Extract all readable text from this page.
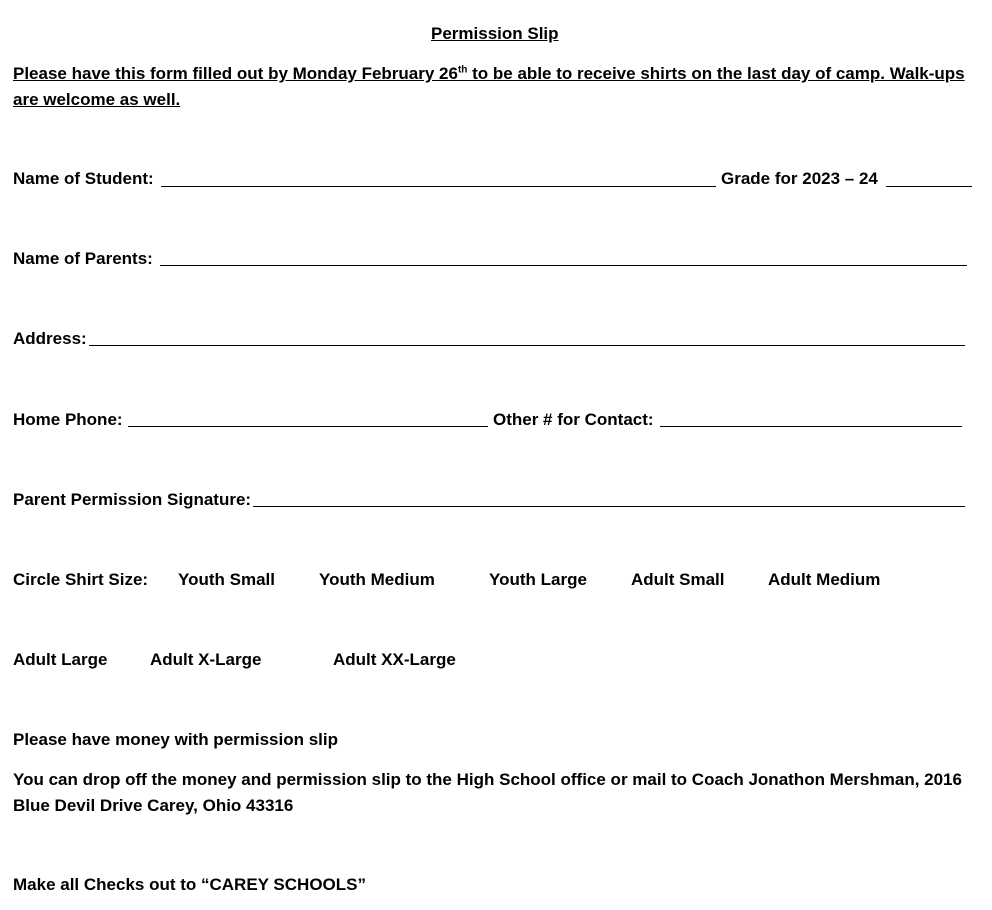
Permission Slip
Please have this form filled out by Monday February 26th to be able to receive shirts on the last day of camp. Walk-ups
are welcome as well.
Name of Student:	Grade for 2023 – 24
Name of Parents:
Address:
Home Phone:	Other # for Contact:
Parent Permission Signature:
Circle Shirt Size: Youth Small	Youth Medium	Youth Large	Adult Small	Adult Medium
Adult Large	Adult X-Large	Adult XX-Large
Please have money with permission slip
You can drop off the money and permission slip to the High School office or mail to Coach Jonathon Mershman, 2016
Blue Devil Drive Carey, Ohio 43316
Make all Checks out to “CAREY SCHOOLS”
